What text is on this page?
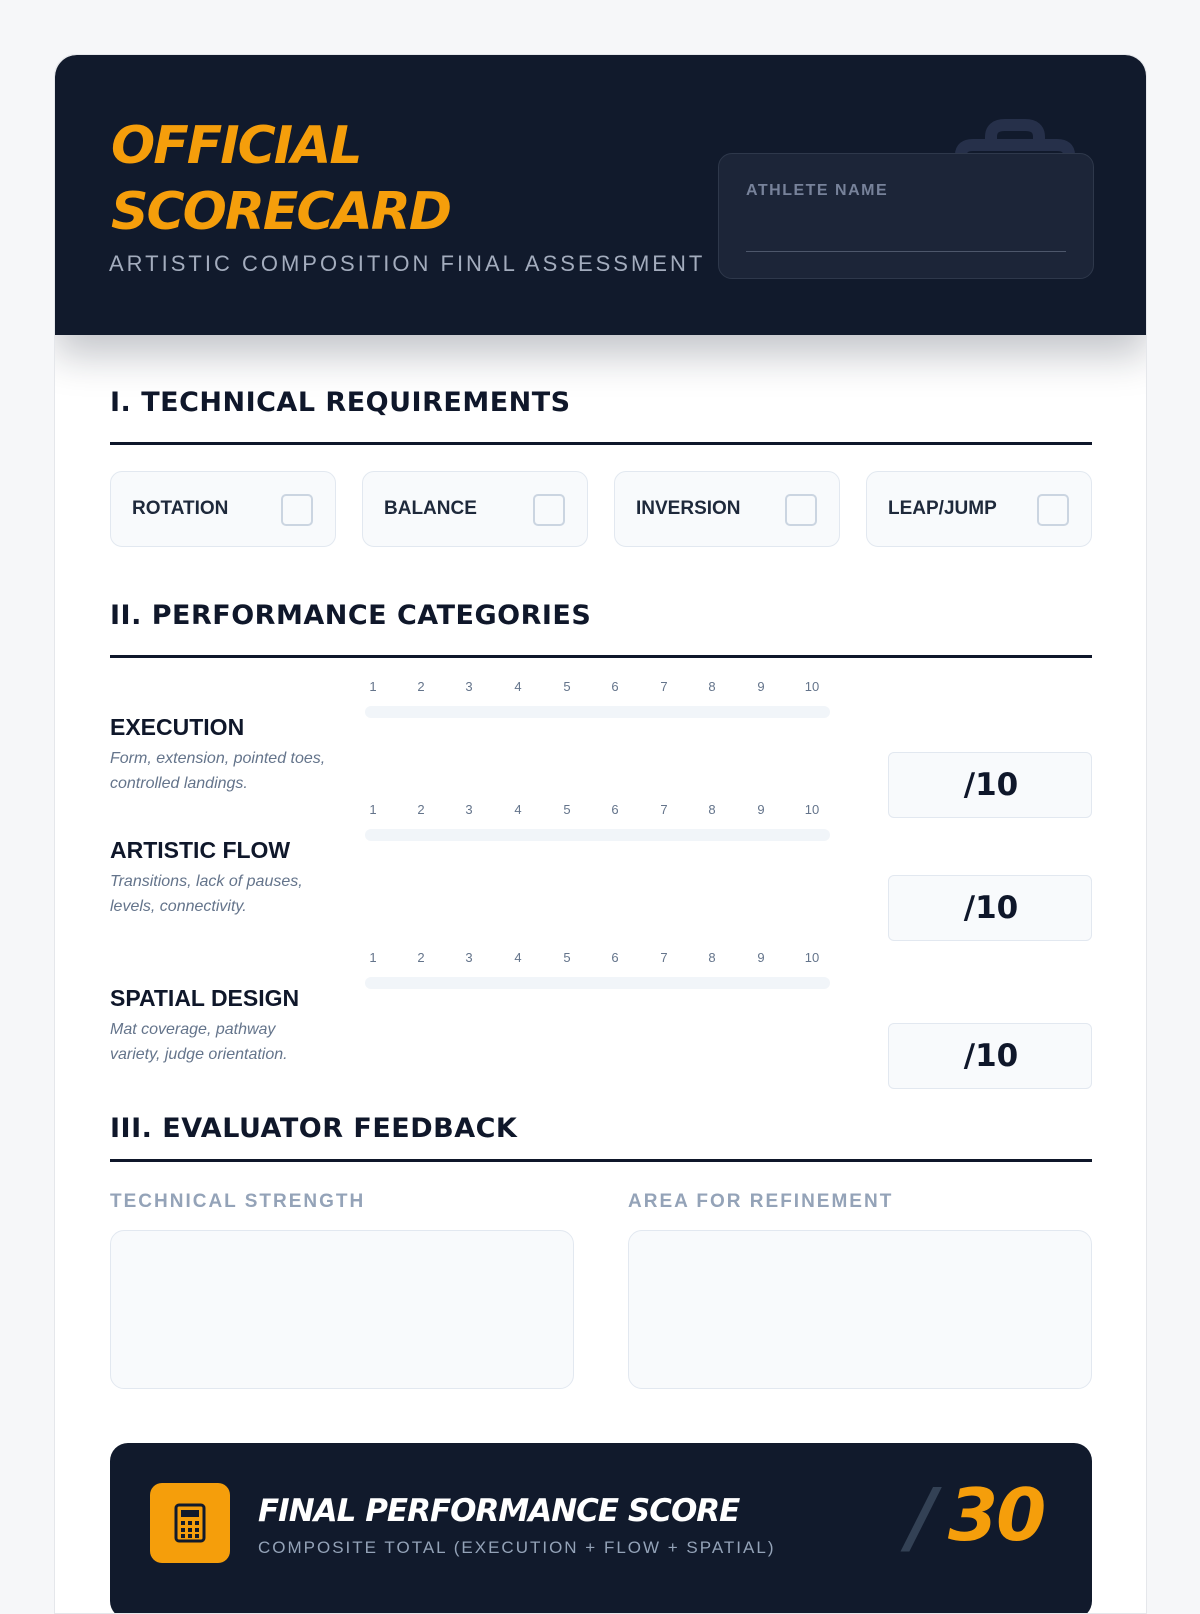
OFFICIAL SCORECARD
ARTISTIC COMPOSITION FINAL ASSESSMENT
ATHLETE NAME
I. TECHNICAL REQUIREMENTS
ROTATION	BALANCE	INVERSION	LEAP/JUMP
II. PERFORMANCE CATEGORIES
1	2	3	4	5	6	7	8	9	10
EXECUTION
Form, extension, pointed toes, controlled landings.	/10
1	2	3	4	5	6	7	8	9	10
ARTISTIC FLOW
Transitions, lack of pauses, levels, connectivity.	/10
1	2	3	4	5	6	7	8	9	10
SPATIAL DESIGN
Mat coverage, pathway variety, judge orientation.	/10
III. EVALUATOR FEEDBACK
TECHNICAL STRENGTH	AREA FOR REFINEMENT
FINAL PERFORMANCE SCORE
COMPOSITE TOTAL (EXECUTION + FLOW + SPATIAL) / 30
